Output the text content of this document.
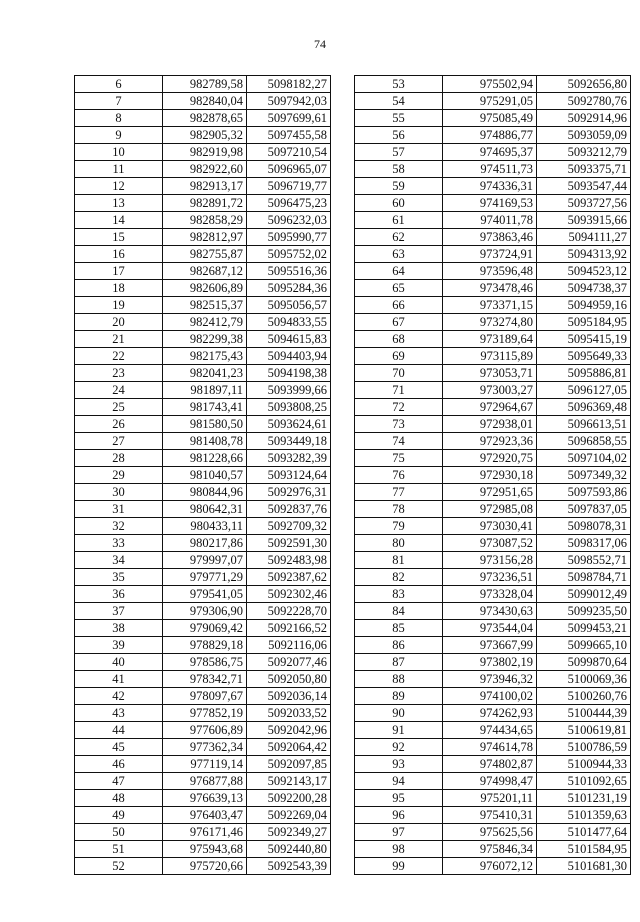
74
6	982789,58	5098182,27
7	982840,04	5097942,03
8	982878,65	5097699,61
9	982905,32	5097455,58
10	982919,98	5097210,54
11	982922,60	5096965,07
12	982913,17	5096719,77
13	982891,72	5096475,23
14	982858,29	5096232,03
15	982812,97	5095990,77
16	982755,87	5095752,02
17	982687,12	5095516,36
18	982606,89	5095284,36
19	982515,37	5095056,57
20	982412,79	5094833,55
21	982299,38	5094615,83
22	982175,43	5094403,94
23	982041,23	5094198,38
24	981897,11	5093999,66
25	981743,41	5093808,25
26	981580,50	5093624,61
27	981408,78	5093449,18
28	981228,66	5093282,39
29	981040,57	5093124,64
30	980844,96	5092976,31
31	980642,31	5092837,76
32	980433,11	5092709,32
33	980217,86	5092591,30
34	979997,07	5092483,98
35	979771,29	5092387,62
36	979541,05	5092302,46
37	979306,90	5092228,70
38	979069,42	5092166,52
39	978829,18	5092116,06
40	978586,75	5092077,46
41	978342,71	5092050,80
42	978097,67	5092036,14
43	977852,19	5092033,52
44	977606,89	5092042,96
45	977362,34	5092064,42
46	977119,14	5092097,85
47	976877,88	5092143,17
48	976639,13	5092200,28
49	976403,47	5092269,04
50	976171,46	5092349,27
51	975943,68	5092440,80
52	975720,66	5092543,39
53	975502,94	5092656,80
54	975291,05	5092780,76
55	975085,49	5092914,96
56	974886,77	5093059,09
57	974695,37	5093212,79
58	974511,73	5093375,71
59	974336,31	5093547,44
60	974169,53	5093727,56
61	974011,78	5093915,66
62	973863,46	5094111,27
63	973724,91	5094313,92
64	973596,48	5094523,12
65	973478,46	5094738,37
66	973371,15	5094959,16
67	973274,80	5095184,95
68	973189,64	5095415,19
69	973115,89	5095649,33
70	973053,71	5095886,81
71	973003,27	5096127,05
72	972964,67	5096369,48
73	972938,01	5096613,51
74	972923,36	5096858,55
75	972920,75	5097104,02
76	972930,18	5097349,32
77	972951,65	5097593,86
78	972985,08	5097837,05
79	973030,41	5098078,31
80	973087,52	5098317,06
81	973156,28	5098552,71
82	973236,51	5098784,71
83	973328,04	5099012,49
84	973430,63	5099235,50
85	973544,04	5099453,21
86	973667,99	5099665,10
87	973802,19	5099870,64
88	973946,32	5100069,36
89	974100,02	5100260,76
90	974262,93	5100444,39
91	974434,65	5100619,81
92	974614,78	5100786,59
93	974802,87	5100944,33
94	974998,47	5101092,65
95	975201,11	5101231,19
96	975410,31	5101359,63
97	975625,56	5101477,64
98	975846,34	5101584,95
99	976072,12	5101681,30
